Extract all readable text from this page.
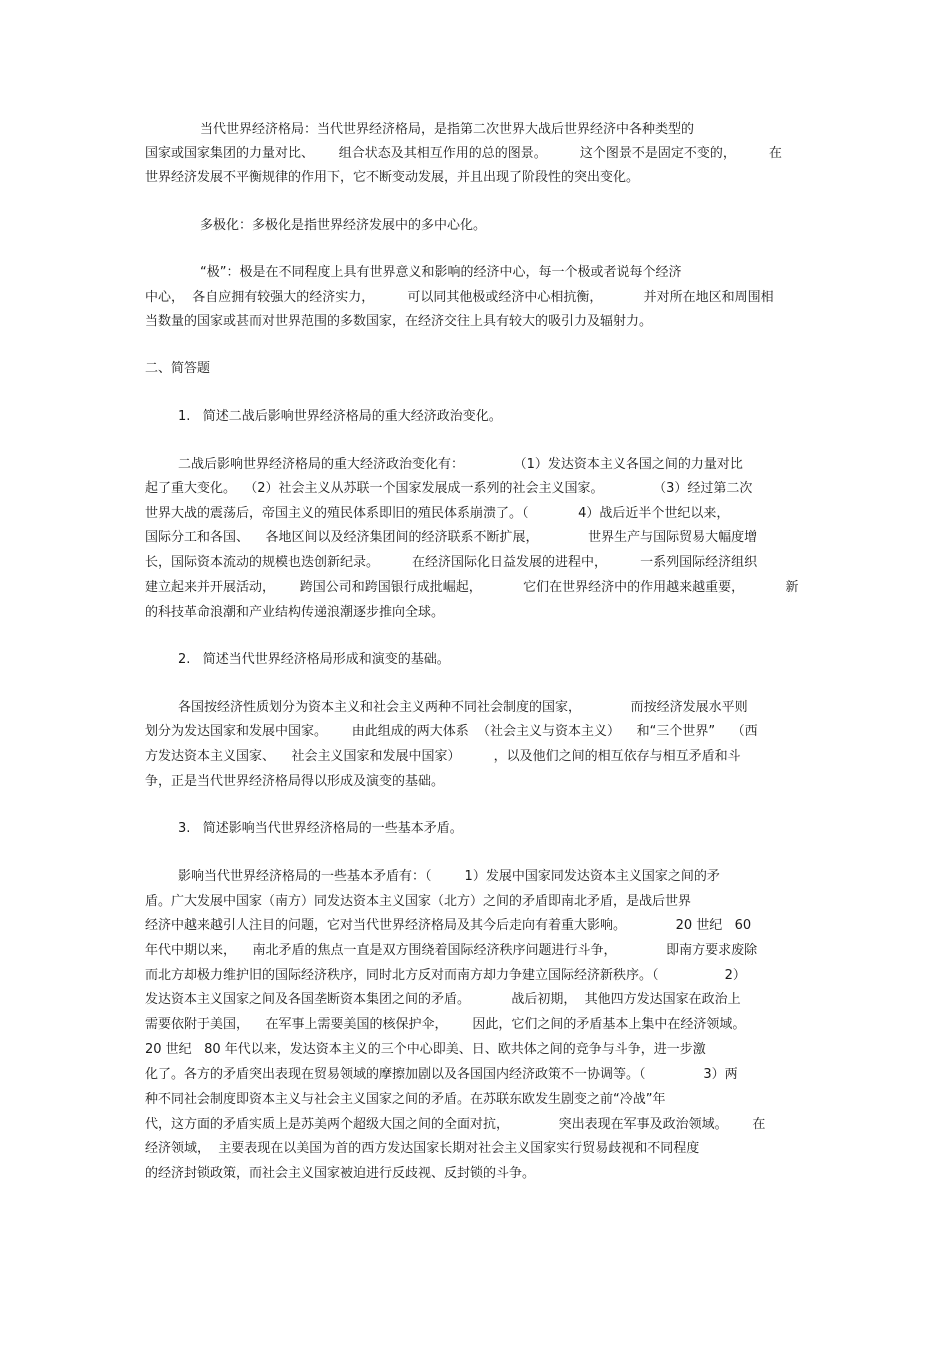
当代世界经济格局：当代世界经济格局，是指第二次世界大战后世界经济中各种类型的
国家或国家集团的力量对比、      组合状态及其相互作用的总的图景。        这个图景不是固定不变的，        在
世界经济发展不平衡规律的作用下，它不断变动发展，并且出现了阶段性的突出变化。
多极化：多极化是指世界经济发展中的多中心化。
“极”：极是在不同程度上具有世界意义和影响的经济中心，每一个极或者说每个经济
中心，  各自应拥有较强大的经济实力，        可以同其他极或经济中心相抗衡，          并对所在地区和周围相
当数量的国家或甚而对世界范围的多数国家，在经济交往上具有较大的吸引力及辐射力。
二、简答题
1.   简述二战后影响世界经济格局的重大经济政治变化。
二战后影响世界经济格局的重大经济政治变化有：            （1）发达资本主义各国之间的力量对比
起了重大变化。  （2）社会主义从苏联一个国家发展成一系列的社会主义国家。            （3）经过第二次
世界大战的震荡后，帝国主义的殖民体系即旧的殖民体系崩溃了。（            4）战后近半个世纪以来，
国际分工和各国、    各地区间以及经济集团间的经济联系不断扩展，            世界生产与国际贸易大幅度增
长，国际资本流动的规模也迭创新纪录。        在经济国际化日益发展的进程中，        一系列国际经济组织
建立起来并开展活动，      跨国公司和跨国银行成批崛起，          它们在世界经济中的作用越来越重要，          新
的科技革命浪潮和产业结构传递浪潮逐步推向全球。
2.   简述当代世界经济格局形成和演变的基础。
各国按经济性质划分为资本主义和社会主义两种不同社会制度的国家，            而按经济发展水平则
划分为发达国家和发展中国家。      由此组成的两大体系  （社会主义与资本主义）    和“三个世界”    （西
方发达资本主义国家、    社会主义国家和发展中国家）        ，以及他们之间的相互依存与相互矛盾和斗
争，正是当代世界经济格局得以形成及演变的基础。
3.   简述影响当代世界经济格局的一些基本矛盾。
影响当代世界经济格局的一些基本矛盾有：（        1）发展中国家同发达资本主义国家之间的矛
盾。广大发展中国家（南方）同发达资本主义国家（北方）之间的矛盾即南北矛盾，是战后世界
经济中越来越引人注目的问题，它对当代世界经济格局及其今后走向有着重大影响。            20 世纪   60
年代中期以来，    南北矛盾的焦点一直是双方围绕着国际经济秩序问题进行斗争，            即南方要求废除
而北方却极力维护旧的国际经济秩序，同时北方反对而南方却力争建立国际经济新秩序。（                2）
发达资本主义国家之间及各国垄断资本集团之间的矛盾。          战后初期，  其他四方发达国家在政治上
需要依附于美国，    在军事上需要美国的核保护伞，      因此，它们之间的矛盾基本上集中在经济领域。
20 世纪   80 年代以来，发达资本主义的三个中心即美、日、欧共体之间的竞争与斗争，进一步激
化了。各方的矛盾突出表现在贸易领域的摩擦加剧以及各国国内经济政策不一协调等。（              3）两
种不同社会制度即资本主义与社会主义国家之间的矛盾。在苏联东欧发生剧变之前“冷战”年
代，这方面的矛盾实质上是苏美两个超级大国之间的全面对抗，            突出表现在军事及政治领域。      在
经济领域，  主要表现在以美国为首的西方发达国家长期对社会主义国家实行贸易歧视和不同程度
的经济封锁政策，而社会主义国家被迫进行反歧视、反封锁的斗争。
